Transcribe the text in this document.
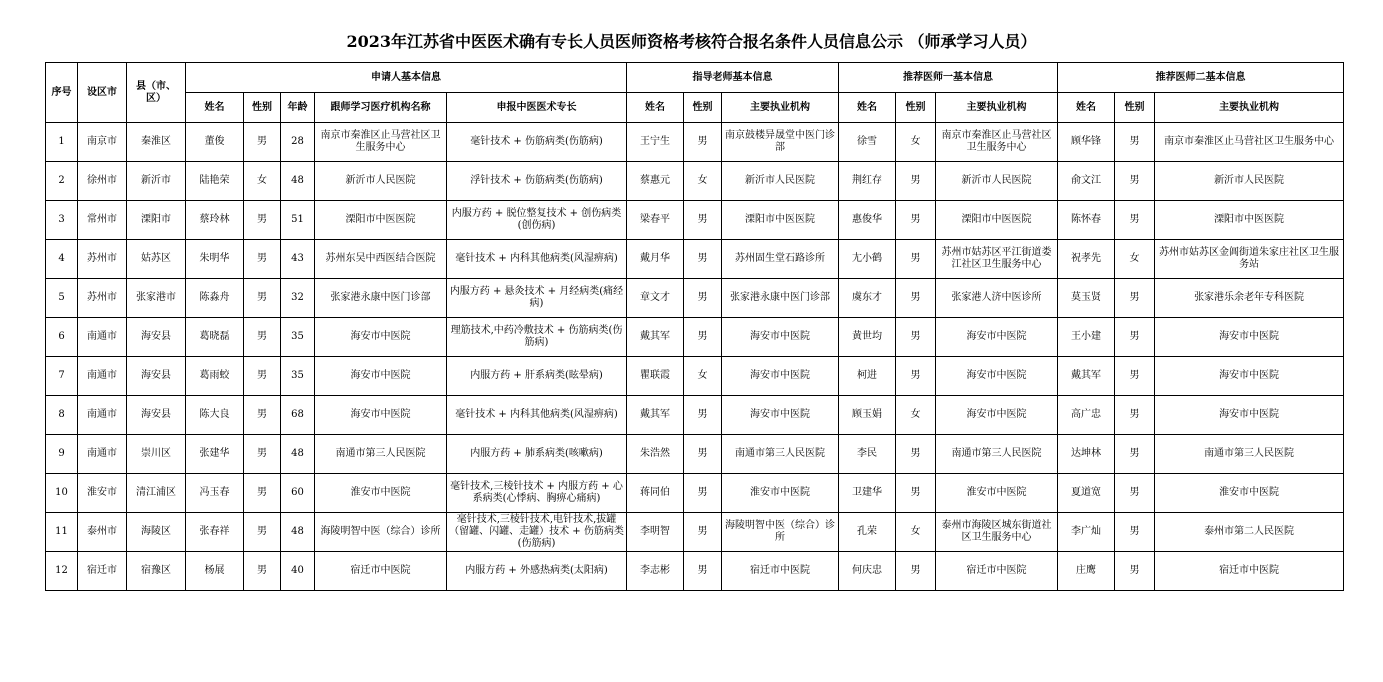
2023年江苏省中医医术确有专长人员医师资格考核符合报名条件人员信息公示 （师承学习人员）
序号	设区市	县（市、区）	申请人基本信息					指导老师基本信息			推荐医师一基本信息			推荐医师二基本信息		
			姓名	性别	年龄	跟师学习医疗机构名称	申报中医医术专长	姓名	性别	主要执业机构	姓名	性别	主要执业机构	姓名	性别	主要执业机构
1	南京市	秦淮区	董俊	男	28	南京市秦淮区止马营社区卫生服务中心	毫针技术 + 伤筋病类(伤筋病)	王宁生	男	南京鼓楼异晟堂中医门诊部	徐雪	女	南京市秦淮区止马营社区卫生服务中心	顾华锋	男	南京市秦淮区止马营社区卫生服务中心
2	徐州市	新沂市	陆艳荣	女	48	新沂市人民医院	浮针技术 + 伤筋病类(伤筋病)	蔡惠元	女	新沂市人民医院	荆红存	男	新沂市人民医院	俞文江	男	新沂市人民医院
3	常州市	溧阳市	蔡玲林	男	51	溧阳市中医医院	内服方药 + 脱位整复技术 + 创伤病类(创伤病)	梁春平	男	溧阳市中医医院	惠俊华	男	溧阳市中医医院	陈怀春	男	溧阳市中医医院
4	苏州市	姑苏区	朱明华	男	43	苏州东吴中西医结合医院	毫针技术 + 内科其他病类(风湿痹病)	戴月华	男	苏州固生堂石路诊所	尢小鹤	男	苏州市姑苏区平江街道娄江社区卫生服务中心	祝孝先	女	苏州市姑苏区金阊街道朱家庄社区卫生服务站
5	苏州市	张家港市	陈淼舟	男	32	张家港永康中医门诊部	内服方药 + 悬灸技术 + 月经病类(痛经病)	章文才	男	张家港永康中医门诊部	虞东才	男	张家港人济中医诊所	莫玉贤	男	张家港乐余老年专科医院
6	南通市	海安县	葛晓磊	男	35	海安市中医院	理筋技术,中药冷敷技术 + 伤筋病类(伤筋病)	戴其军	男	海安市中医院	黄世均	男	海安市中医院	王小建	男	海安市中医院
7	南通市	海安县	葛雨蛟	男	35	海安市中医院	内服方药 + 肝系病类(眩晕病)	瞿联霞	女	海安市中医院	柯进	男	海安市中医院	戴其军	男	海安市中医院
8	南通市	海安县	陈大良	男	68	海安市中医院	毫针技术 + 内科其他病类(风湿痹病)	戴其军	男	海安市中医院	顾玉娟	女	海安市中医院	高广忠	男	海安市中医院
9	南通市	崇川区	张建华	男	48	南通市第三人民医院	内服方药 + 肺系病类(咳嗽病)	朱浩然	男	南通市第三人民医院	李民	男	南通市第三人民医院	达坤林	男	南通市第三人民医院
10	淮安市	清江浦区	冯玉春	男	60	淮安市中医院	毫针技术,三棱针技术 + 内服方药 + 心系病类(心悸病、胸痹心痛病)	蒋同伯	男	淮安市中医院	卫建华	男	淮安市中医院	夏道宽	男	淮安市中医院
11	泰州市	海陵区	张春祥	男	48	海陵明智中医（综合）诊所	毫针技术,三棱针技术,电针技术,拔罐（留罐、闪罐、走罐）技术 + 伤筋病类(伤筋病)	李明智	男	海陵明智中医（综合）诊所	孔荣	女	泰州市海陵区城东街道社区卫生服务中心	李广灿	男	泰州市第二人民医院
12	宿迁市	宿豫区	杨展	男	40	宿迁市中医院	内服方药 + 外感热病类(太阳病)	李志彬	男	宿迁市中医院	何庆忠	男	宿迁市中医院	庄鹰	男	宿迁市中医院
